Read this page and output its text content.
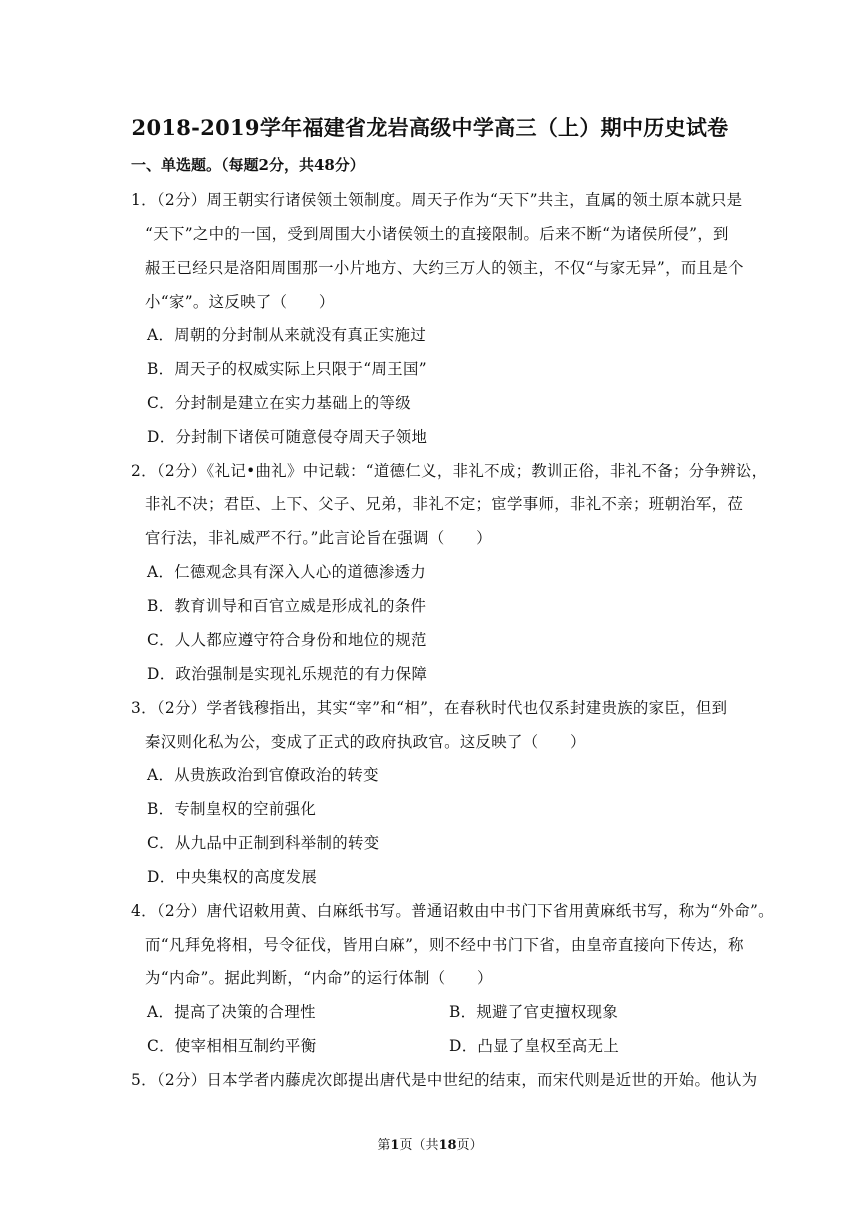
2018-2019学年福建省龙岩高级中学高三（上）期中历史试卷
一、单选题。（每题2分，共48分）
1．（2分）周王朝实行诸侯领土领制度。周天子作为“天下”共主，直属的领土原本就只是
“天下”之中的一国，受到周围大小诸侯领土的直接限制。后来不断“为诸侯所侵”，到
赧王已经只是洛阳周围那一小片地方、大约三万人的领主，不仅“与家无异”，而且是个
小“家”。这反映了（　　）
A．周朝的分封制从来就没有真正实施过
B．周天子的权威实际上只限于“周王国”
C．分封制是建立在实力基础上的等级
D．分封制下诸侯可随意侵夺周天子领地
2．（2分）《礼记•曲礼》中记载：“道德仁义，非礼不成；教训正俗，非礼不备；分争辨讼，
非礼不决；君臣、上下、父子、兄弟，非礼不定；宦学事师，非礼不亲；班朝治军，莅
官行法，非礼威严不行。”此言论旨在强调（　　）
A．仁德观念具有深入人心的道德渗透力
B．教育训导和百官立威是形成礼的条件
C．人人都应遵守符合身份和地位的规范
D．政治强制是实现礼乐规范的有力保障
3．（2分）学者钱穆指出，其实“宰”和“相”，在春秋时代也仅系封建贵族的家臣，但到
秦汉则化私为公，变成了正式的政府执政官。这反映了（　　）
A．从贵族政治到官僚政治的转变
B．专制皇权的空前强化
C．从九品中正制到科举制的转变
D．中央集权的高度发展
4．（2分）唐代诏敕用黄、白麻纸书写。普通诏敕由中书门下省用黄麻纸书写，称为“外命”。
而“凡拜免将相，号令征伐，皆用白麻”，则不经中书门下省，由皇帝直接向下传达，称
为“内命”。据此判断，“内命”的运行体制（　　）
A．提高了决策的合理性	B．规避了官吏擅权现象
C．使宰相相互制约平衡	D．凸显了皇权至高无上
5．（2分）日本学者内藤虎次郎提出唐代是中世纪的结束，而宋代则是近世的开始。他认为
第1页（共18页）
